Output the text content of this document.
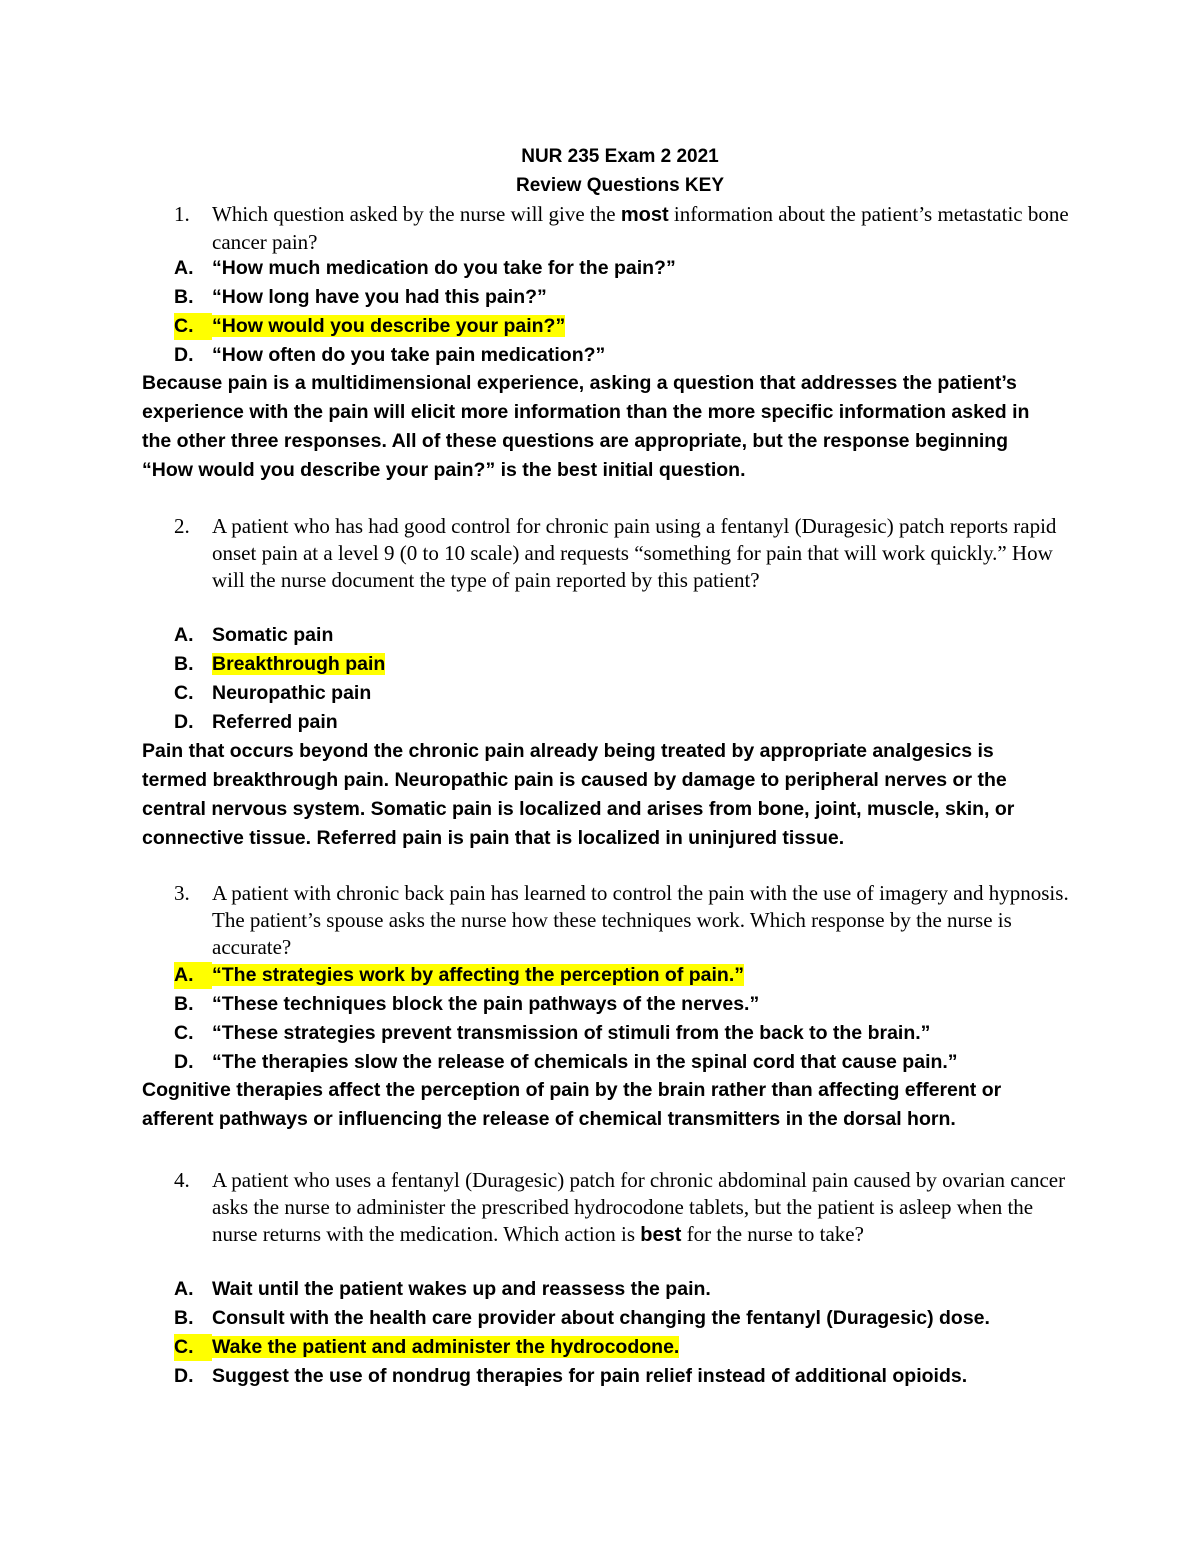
NUR 235 Exam 2 2021
Review Questions KEY
1. Which question asked by the nurse will give the most information about the patient’s metastatic bone cancer pain?
A. “How much medication do you take for the pain?”
B. “How long have you had this pain?”
C. “How would you describe your pain?”
D. “How often do you take pain medication?”
Because pain is a multidimensional experience, asking a question that addresses the patient’s experience with the pain will elicit more information than the more specific information asked in the other three responses. All of these questions are appropriate, but the response beginning “How would you describe your pain?” is the best initial question.
2. A patient who has had good control for chronic pain using a fentanyl (Duragesic) patch reports rapid onset pain at a level 9 (0 to 10 scale) and requests “something for pain that will work quickly.” How will the nurse document the type of pain reported by this patient?
A. Somatic pain
B. Breakthrough pain
C. Neuropathic pain
D. Referred pain
Pain that occurs beyond the chronic pain already being treated by appropriate analgesics is termed breakthrough pain. Neuropathic pain is caused by damage to peripheral nerves or the central nervous system. Somatic pain is localized and arises from bone, joint, muscle, skin, or connective tissue. Referred pain is pain that is localized in uninjured tissue.
3. A patient with chronic back pain has learned to control the pain with the use of imagery and hypnosis. The patient’s spouse asks the nurse how these techniques work. Which response by the nurse is accurate?
A. “The strategies work by affecting the perception of pain.”
B. “These techniques block the pain pathways of the nerves.”
C. “These strategies prevent transmission of stimuli from the back to the brain.”
D. “The therapies slow the release of chemicals in the spinal cord that cause pain.”
Cognitive therapies affect the perception of pain by the brain rather than affecting efferent or afferent pathways or influencing the release of chemical transmitters in the dorsal horn.
4. A patient who uses a fentanyl (Duragesic) patch for chronic abdominal pain caused by ovarian cancer asks the nurse to administer the prescribed hydrocodone tablets, but the patient is asleep when the nurse returns with the medication. Which action is best for the nurse to take?
A. Wait until the patient wakes up and reassess the pain.
B. Consult with the health care provider about changing the fentanyl (Duragesic) dose.
C. Wake the patient and administer the hydrocodone.
D. Suggest the use of nondrug therapies for pain relief instead of additional opioids.
